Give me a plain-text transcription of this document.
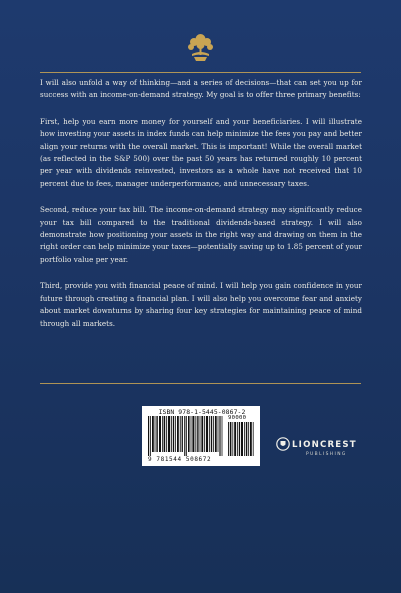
I will also unfold a way of thinking—and a series of decisions—that can set you up for success with an income-on-demand strategy. My goal is to offer three primary benefits:

First, help you earn more money for yourself and your beneficiaries. I will illustrate how investing your assets in index funds can help minimize the fees you pay and better align your returns with the overall market. This is important! While the overall market (as reflected in the S&P 500) over the past 50 years has returned roughly 10 percent per year with dividends reinvested, investors as a whole have not received that 10 percent due to fees, manager underperformance, and unnecessary taxes.

Second, reduce your tax bill. The income-on-demand strategy may significantly reduce your tax bill compared to the traditional dividends-based strategy. I will also demonstrate how positioning your assets in the right way and drawing on them in the right order can help minimize your taxes—potentially saving up to 1.85 percent of your portfolio value per year.

Third, provide you with financial peace of mind. I will help you gain confidence in your future through creating a financial plan. I will also help you overcome fear and anxiety about market downturns by sharing four key strategies for maintaining peace of mind through all markets.

ISBN 978-1-5445-0867-2
90000
9 781544 508672
LIONCREST
PUBLISHING
